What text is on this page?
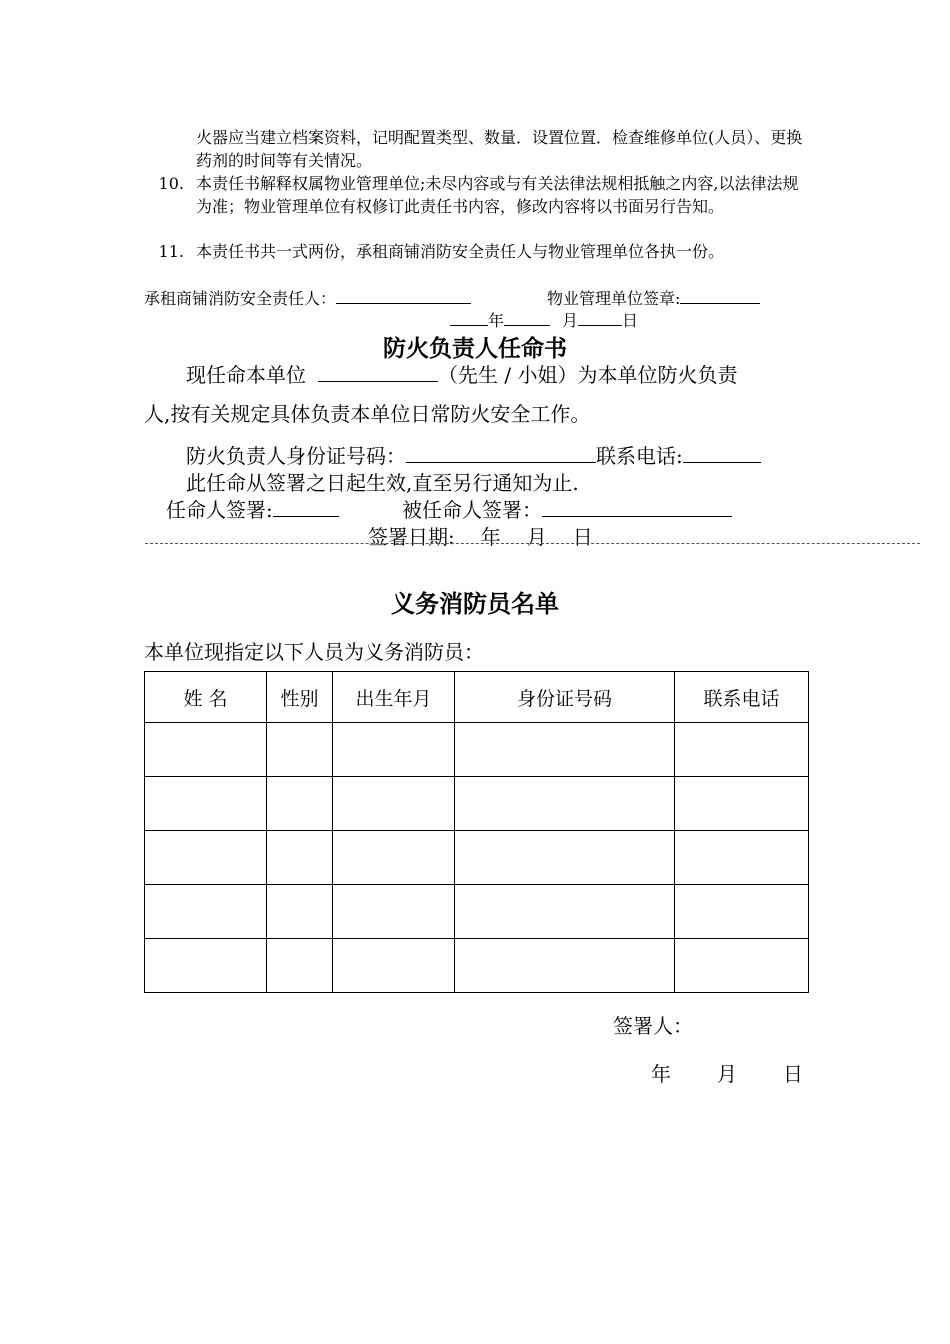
火器应当建立档案资料，记明配置类型、数量．设置位置．检查维修单位(人员）、更换药剂的时间等有关情况。
10. 本责任书解释权属物业管理单位;未尽内容或与有关法律法规相抵触之内容,以法律法规为准；物业管理单位有权修订此责任书内容，修改内容将以书面另行告知。
11. 本责任书共一式两份，承租商铺消防安全责任人与物业管理单位各执一份。
承租商铺消防安全责任人：	物业管理单位签章:
年	月	日
防火负责人任命书
现任命本单位	（先生 / 小姐）为本单位防火负责
人,按有关规定具体负责本单位日常防火安全工作。
防火负责人身份证号码：	联系电话:
此任命从签署之日起生效,直至另行通知为止.
任命人签署:	被任命人签署：
签署日期: 年 月 日
义务消防员名单
本单位现指定以下人员为义务消防员：
姓 名	性别	出生年月	身份证号码	联系电话

签署人：
年 月 日
